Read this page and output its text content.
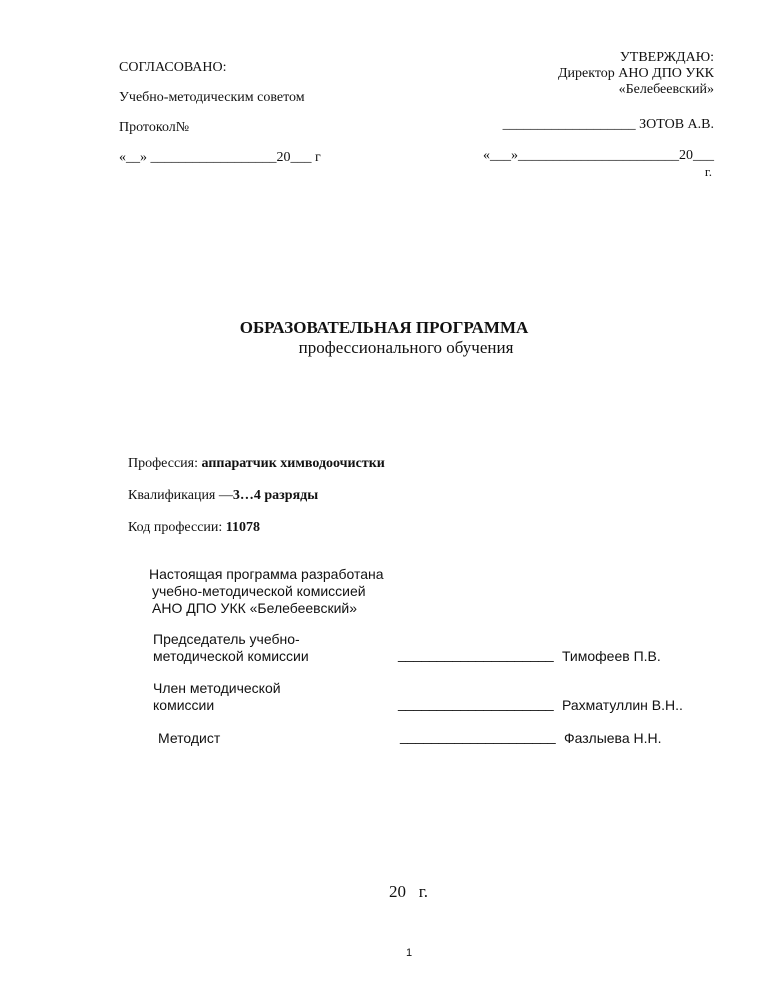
СОГЛАСОВАНО:
Учебно-методическим советом
Протокол№
«__» __________________20___ г
УТВЕРЖДАЮ:
Директор АНО ДПО УКК
«Белебеевский»
___________________ ЗОТОВ А.В.
«___»_______________________20___
г.
ОБРАЗОВАТЕЛЬНАЯ ПРОГРАММА
профессионального обучения
Профессия: аппаратчик химводоочистки
Квалификация —3…4 разряды
Код профессии: 11078
Настоящая программа разработана
учебно-методической комиссией
АНО ДПО УКК «Белебеевский»
Председатель учебно-
методической комиссии	____________________ Тимофеев П.В.
Член методической
комиссии	____________________ Рахматуллин В.Н..
Методист	____________________ Фазлыева Н.Н.
20   г.
1
